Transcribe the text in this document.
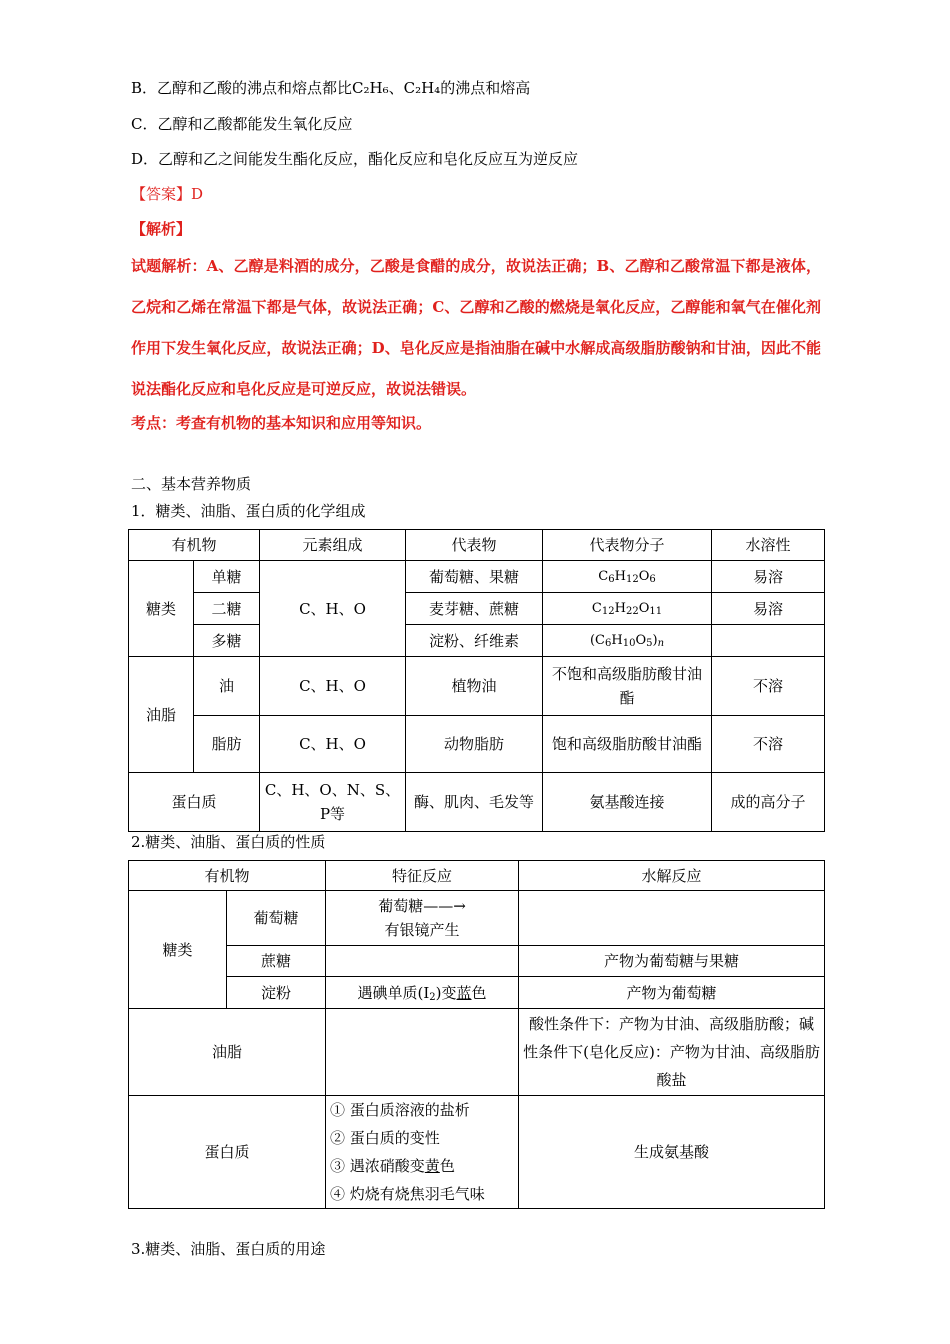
B．乙醇和乙酸的沸点和熔点都比C₂H₆、C₂H₄的沸点和熔高
C．乙醇和乙酸都能发生氧化反应
D．乙醇和乙之间能发生酯化反应，酯化反应和皂化反应互为逆反应
【答案】D
【解析】
试题解析：A、乙醇是料酒的成分，乙酸是食醋的成分，故说法正确；B、乙醇和乙酸常温下都是液体，乙烷和乙烯在常温下都是气体，故说法正确；C、乙醇和乙酸的燃烧是氧化反应，乙醇能和氧气在催化剂作用下发生氧化反应，故说法正确；D、皂化反应是指油脂在碱中水解成高级脂肪酸钠和甘油，因此不能说法酯化反应和皂化反应是可逆反应，故说法错误。
考点：考查有机物的基本知识和应用等知识。
二、基本营养物质
1．糖类、油脂、蛋白质的化学组成
有机物		元素组成	代表物	代表物分子	水溶性
糖类	单糖	C、H、O	葡萄糖、果糖	$C_6H_{12}O_6$	易溶
	二糖		麦芽糖、蔗糖	$C_{12}H_{22}O_{11}$	易溶
	多糖		淀粉、纤维素	$(C_6H_{10}O_5)_n$	
油脂	油	C、H、O	植物油	不饱和高级脂肪酸甘油酯	不溶
	脂肪	C、H、O	动物脂肪	饱和高级脂肪酸甘油酯	不溶
蛋白质		C、H、O、N、S、P等	酶、肌肉、毛发等	氨基酸连接	成的高分子
2.糖类、油脂、蛋白质的性质
有机物		特征反应	水解反应
糖类	葡萄糖	葡萄糖——→
有银镜产生	

	蔗糖		产物为葡萄糖与果糖
	淀粉	遇碘单质$(I_2)$变蓝色	产物为葡萄糖
油脂			酸性条件下：产物为甘油、高级脂肪酸；碱性条件下(皂化反应)：产物为甘油、高级脂肪酸盐
蛋白质		① 蛋白质溶液的盐析
② 蛋白质的变性
③ 遇浓硝酸变黄色
④ 灼烧有烧焦羽毛气味	生成氨基酸
3.糖类、油脂、蛋白质的用途
